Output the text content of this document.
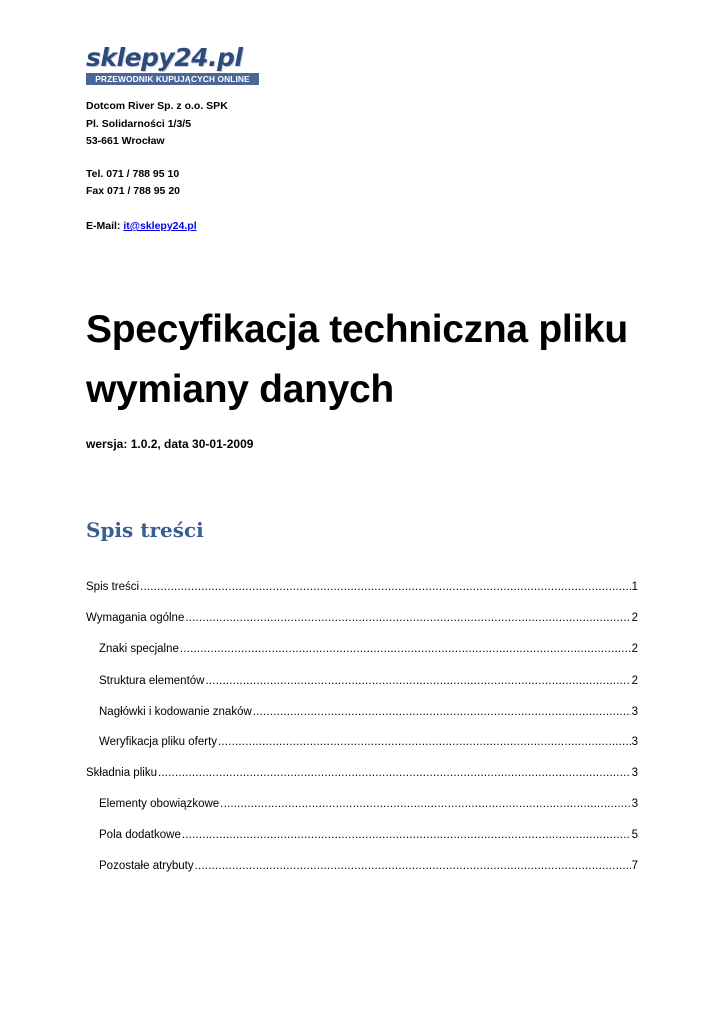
sklepy24.pl
PRZEWODNIK KUPUJĄCYCH ONLINE
Dotcom River Sp. z o.o. SPK
Pl. Solidarności 1/3/5
53-661 Wrocław
Tel. 071 / 788 95 10
Fax 071 / 788 95 20
E-Mail: it@sklepy24.pl
Specyfikacja techniczna pliku
wymiany danych
wersja: 1.0.2, data 30-01-2009
Spis treści
Spis treści .....	1
Wymagania ogólne .....	2
Znaki specjalne .....	2
Struktura elementów .....	2
Nagłówki i kodowanie znaków .....	3
Weryfikacja pliku oferty .....	3
Składnia pliku .....	3
Elementy obowiązkowe .....	3
Pola dodatkowe .....	5
Pozostałe atrybuty .....	7
